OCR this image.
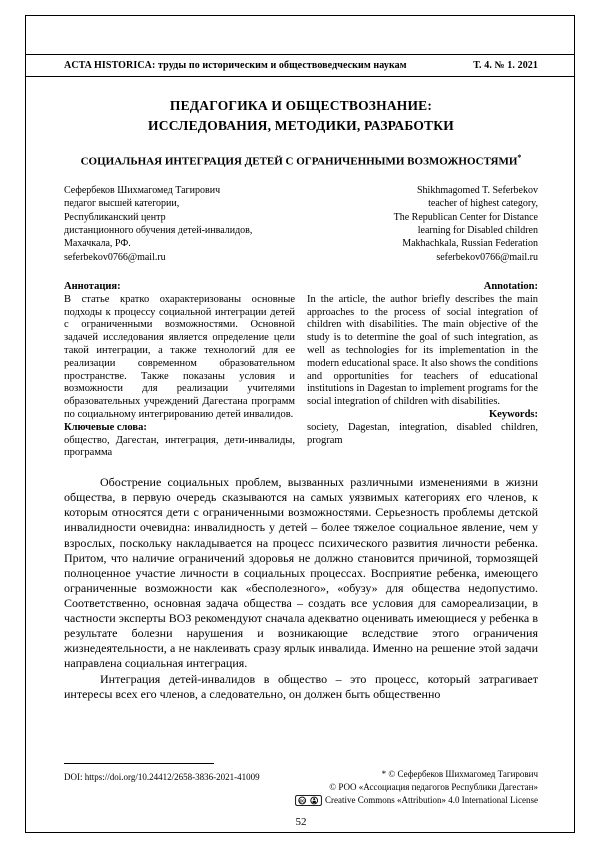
ACTA HISTORICA: труды по историческим и обществоведческим наукам	Т. 4. № 1. 2021
ПЕДАГОГИКА И ОБЩЕСТВОЗНАНИЕ:
ИССЛЕДОВАНИЯ, МЕТОДИКИ, РАЗРАБОТКИ
СОЦИАЛЬНАЯ ИНТЕГРАЦИЯ ДЕТЕЙ С ОГРАНИЧЕННЫМИ ВОЗМОЖНОСТЯМИ*
Сефербеков Шихмагомед Тагирович
педагог высшей категории,
Республиканский центр
дистанционного обучения детей-инвалидов,
Махачкала, РФ.
seferbekov0766@mail.ru
Shikhmagomed T. Seferbekov
teacher of highest category,
The Republican Center for Distance
learning for Disabled children
Makhachkala, Russian Federation
seferbekov0766@mail.ru
Аннотация:
В статье кратко охарактеризованы основные подходы к процессу социальной интеграции детей с ограниченными возможностями. Основной задачей исследования является определение цели такой интеграции, а также технологий для ее реализации современном образовательном пространстве. Также показаны условия и возможности для реализации учителями образовательных учреждений Дагестана программ по социальному интегрированию детей инвалидов.
Ключевые слова:
общество, Дагестан, интеграция, дети-инвалиды, программа
Annotation:
In the article, the author briefly describes the main approaches to the process of social integration of children with disabilities. The main objective of the study is to determine the goal of such integration, as well as technologies for its implementation in the modern educational space. It also shows the conditions and opportunities for teachers of educational institutions in Dagestan to implement programs for the social integration of children with disabilities.
Keywords:
society, Dagestan, integration, disabled children, program

Обострение социальных проблем, вызванных различными изменениями в жизни общества, в первую очередь сказываются на самых уязвимых категориях его членов, к которым относятся дети с ограниченными возможностями. Серьезность проблемы детской инвалидности очевидна: инвалидность у детей – более тяжелое социальное явление, чем у взрослых, поскольку накладывается на процесс психического развития личности ребенка. Притом, что наличие ограничений здоровья не должно становится причиной, тормозящей полноценное участие личности в социальных процессах. Восприятие ребенка, имеющего ограниченные возможности как «бесполезного», «обузу» для общества недопустимо. Соответственно, основная задача общества – создать все условия для самореализации, в частности эксперты ВОЗ рекомендуют сначала адекватно оценивать имеющиеся у ребенка в результате болезни нарушения и возникающие вследствие этого ограничения жизнедеятельности, а не наклеивать сразу ярлык инвалида. Именно на решение этой задачи направлена социальная интеграция.

Интеграция детей-инвалидов в общество – это процесс, который затрагивает интересы всех его членов, а следовательно, он должен быть общественно

DOI: https://doi.org/10.24412/2658-3836-2021-41009	* © Сефербеков Шихмагомед Тагирович
© РОО «Ассоциация педагогов Республики Дагестан»
cc Creative Commons «Attribution» 4.0 International License
52
